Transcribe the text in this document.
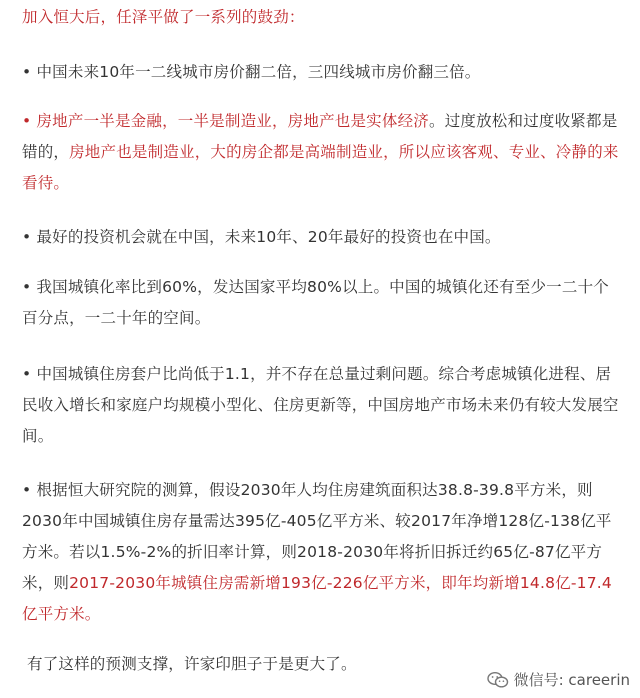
加入恒大后，任泽平做了一系列的鼓劲：

• 中国未来10年一二线城市房价翻二倍，三四线城市房价翻三倍。

• 房地产一半是金融，一半是制造业，房地产也是实体经济。过度放松和过度收紧都是错的，房地产也是制造业，大的房企都是高端制造业，所以应该客观、专业、冷静的来看待。

• 最好的投资机会就在中国，未来10年、20年最好的投资也在中国。

• 我国城镇化率比到60%，发达国家平均80%以上。中国的城镇化还有至少一二十个百分点，一二十年的空间。

• 中国城镇住房套户比尚低于1.1，并不存在总量过剩问题。综合考虑城镇化进程、居民收入增长和家庭户均规模小型化、住房更新等，中国房地产市场未来仍有较大发展空间。

• 根据恒大研究院的测算，假设2030年人均住房建筑面积达38.8-39.8平方米，则2030年中国城镇住房存量需达395亿-405亿平方米、较2017年净增128亿-138亿平方米。若以1.5%-2%的折旧率计算，则2018-2030年将折旧拆迁约65亿-87亿平方米，则2017-2030年城镇住房需新增193亿-226亿平方米，即年均新增14.8亿-17.4亿平方米。

有了这样的预测支撑，许家印胆子于是更大了。

微信号: careerin
